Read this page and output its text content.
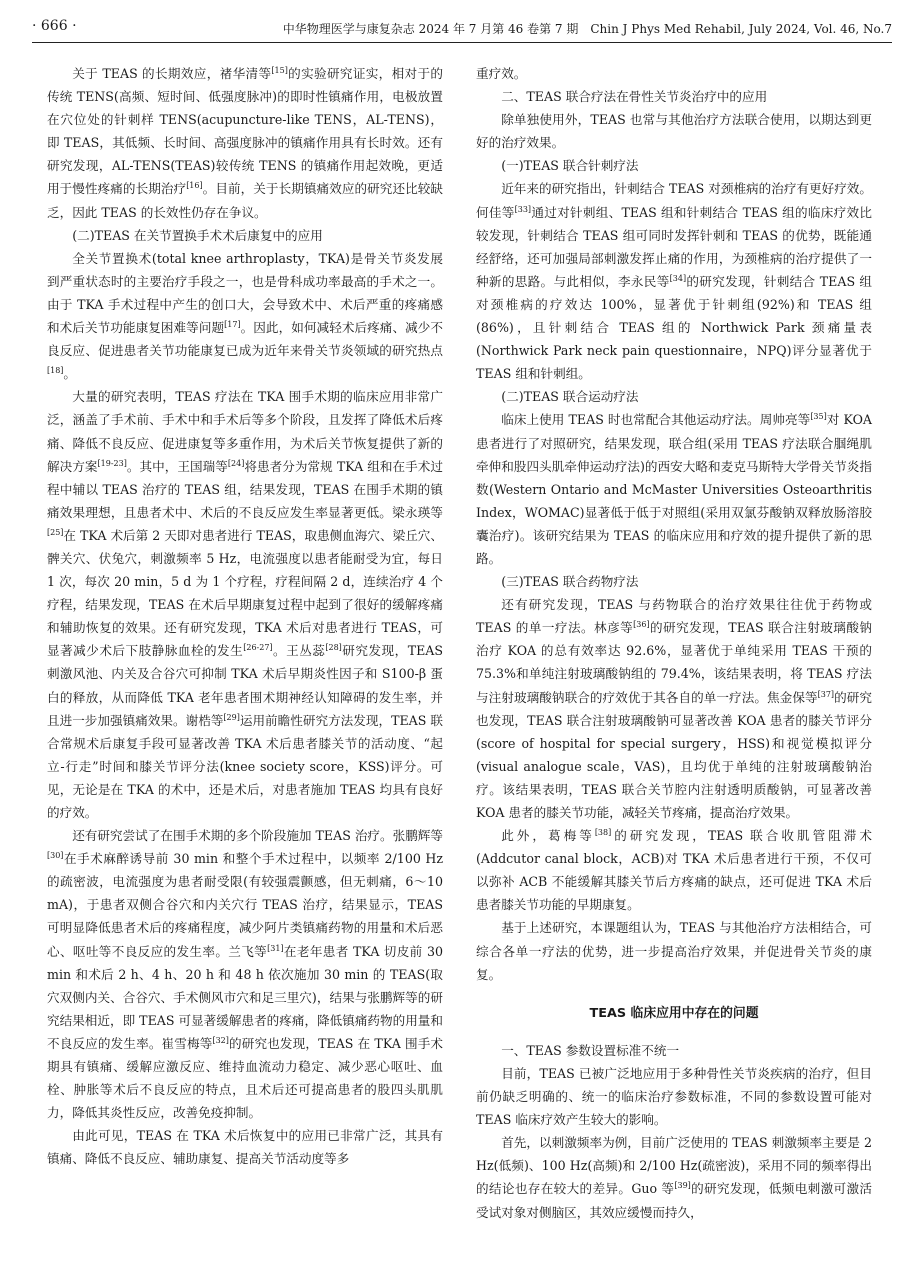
· 666 ·	中华物理医学与康复杂志 2024 年 7 月第 46 卷第 7 期　Chin J Phys Med Rehabil, July 2024, Vol. 46, No.7

关于 TEAS 的长期效应，禇华清等[15]的实验研究证实，相对于的传统 TENS(高频、短时间、低强度脉冲)的即时性镇痛作用，电极放置在穴位处的针刺样 TENS(acupuncture-like TENS，AL-TENS)，即 TEAS，其低频、长时间、高强度脉冲的镇痛作用具有长时效。还有研究发现，AL-TENS(TEAS)较传统 TENS 的镇痛作用起效晚，更适用于慢性疼痛的长期治疗[16]。目前，关于长期镇痛效应的研究还比较缺乏，因此 TEAS 的长效性仍存在争议。

(二)TEAS 在关节置换手术术后康复中的应用

全关节置换术(total knee arthroplasty，TKA)是骨关节炎发展到严重状态时的主要治疗手段之一，也是骨科成功率最高的手术之一。由于 TKA 手术过程中产生的创口大，会导致术中、术后严重的疼痛感和术后关节功能康复困难等问题[17]。因此，如何减轻术后疼痛、减少不良反应、促进患者关节功能康复已成为近年来骨关节炎领域的研究热点[18]。

大量的研究表明，TEAS 疗法在 TKA 围手术期的临床应用非常广泛，涵盖了手术前、手术中和手术后等多个阶段，且发挥了降低术后疼痛、降低不良反应、促进康复等多重作用，为术后关节恢复提供了新的解决方案[19-23]。其中，王国瑞等[24]将患者分为常规 TKA 组和在手术过程中辅以 TEAS 治疗的 TEAS 组，结果发现，TEAS 在围手术期的镇痛效果理想，且患者术中、术后的不良反应发生率显著更低。梁永瑛等[25]在 TKA 术后第 2 天即对患者进行 TEAS，取患侧血海穴、梁丘穴、髀关穴、伏兔穴，刺激频率 5 Hz，电流强度以患者能耐受为宜，每日 1 次，每次 20 min，5 d 为 1 个疗程，疗程间隔 2 d，连续治疗 4 个疗程，结果发现，TEAS 在术后早期康复过程中起到了很好的缓解疼痛和辅助恢复的效果。还有研究发现，TKA 术后对患者进行 TEAS，可显著减少术后下肢静脉血栓的发生[26-27]。王丛蕊[28]研究发现，TEAS 刺激风池、内关及合谷穴可抑制 TKA 术后早期炎性因子和 S100-β 蛋白的释放，从而降低 TKA 老年患者围术期神经认知障碍的发生率，并且进一步加强镇痛效果。谢梏等[29]运用前瞻性研究方法发现，TEAS 联合常规术后康复手段可显著改善 TKA 术后患者膝关节的活动度、“起立-行走”时间和膝关节评分法(knee society score，KSS)评分。可见，无论是在 TKA 的术中，还是术后，对患者施加 TEAS 均具有良好的疗效。

还有研究尝试了在围手术期的多个阶段施加 TEAS 治疗。张鹏辉等[30]在手术麻醉诱导前 30 min 和整个手术过程中，以频率 2/100 Hz 的疏密波，电流强度为患者耐受限(有较强震颤感，但无刺痛，6～10 mA)，于患者双侧合谷穴和内关穴行 TEAS 治疗，结果显示，TEAS 可明显降低患者术后的疼痛程度，减少阿片类镇痛药物的用量和术后恶心、呕吐等不良反应的发生率。兰飞等[31]在老年患者 TKA 切皮前 30 min 和术后 2 h、4 h、20 h 和 48 h 依次施加 30 min 的 TEAS(取穴双侧内关、合谷穴、手术侧风市穴和足三里穴)，结果与张鹏辉等的研究结果相近，即 TEAS 可显著缓解患者的疼痛，降低镇痛药物的用量和不良反应的发生率。崔雪梅等[32]的研究也发现，TEAS 在 TKA 围手术期具有镇痛、缓解应激反应、维持血流动力稳定、减少恶心呕吐、血栓、肿胀等术后不良反应的特点，且术后还可提高患者的股四头肌肌力，降低其炎性反应，改善免疫抑制。

由此可见，TEAS 在 TKA 术后恢复中的应用已非常广泛，其具有镇痛、降低不良反应、辅助康复、提高关节活动度等多

重疗效。

二、TEAS 联合疗法在骨性关节炎治疗中的应用

除单独使用外，TEAS 也常与其他治疗方法联合使用，以期达到更好的治疗效果。

(一)TEAS 联合针刺疗法

近年来的研究指出，针刺结合 TEAS 对颈椎病的治疗有更好疗效。何佳等[33]通过对针刺组、TEAS 组和针刺结合 TEAS 组的临床疗效比较发现，针刺结合 TEAS 组可同时发挥针刺和 TEAS 的优势，既能通经舒络，还可加强局部刺激发挥止痛的作用，为颈椎病的治疗提供了一种新的思路。与此相似，李永民等[34]的研究发现，针刺结合 TEAS 组对颈椎病的疗效达 100%，显著优于针刺组(92%)和 TEAS 组(86%)，且针刺结合 TEAS 组的 Northwick Park 颈痛量表(Northwick Park neck pain questionnaire，NPQ)评分显著优于 TEAS 组和针刺组。

(二)TEAS 联合运动疗法

临床上使用 TEAS 时也常配合其他运动疗法。周帅亮等[35]对 KOA 患者进行了对照研究，结果发现，联合组(采用 TEAS 疗法联合腘绳肌牵伸和股四头肌牵伸运动疗法)的西安大略和麦克马斯特大学骨关节炎指数(Western Ontario and McMaster Universities Osteoarthritis Index，WOMAC)显著低于低于对照组(采用双氯芬酸钠双释放肠溶胶囊治疗)。该研究结果为 TEAS 的临床应用和疗效的提升提供了新的思路。

(三)TEAS 联合药物疗法

还有研究发现，TEAS 与药物联合的治疗效果往往优于药物或 TEAS 的单一疗法。林彦等[36]的研究发现，TEAS 联合注射玻璃酸钠治疗 KOA 的总有效率达 92.6%，显著优于单纯采用 TEAS 干预的 75.3%和单纯注射玻璃酸钠组的 79.4%，该结果表明，将 TEAS 疗法与注射玻璃酸钠联合的疗效优于其各自的单一疗法。焦金保等[37]的研究也发现，TEAS 联合注射玻璃酸钠可显著改善 KOA 患者的膝关节评分(score of hospital for special surgery，HSS)和视觉模拟评分(visual analogue scale，VAS)，且均优于单纯的注射玻璃酸钠治疗。该结果表明，TEAS 联合关节腔内注射透明质酸钠，可显著改善 KOA 患者的膝关节功能，减轻关节疼痛，提高治疗效果。

此外，葛梅等[38]的研究发现，TEAS 联合收肌管阻滞术(Addcutor canal block，ACB)对 TKA 术后患者进行干预，不仅可以弥补 ACB 不能缓解其膝关节后方疼痛的缺点，还可促进 TKA 术后患者膝关节功能的早期康复。

基于上述研究，本课题组认为，TEAS 与其他治疗方法相结合，可综合各单一疗法的优势，进一步提高治疗效果，并促进骨关节炎的康复。

TEAS 临床应用中存在的问题

一、TEAS 参数设置标准不统一

目前，TEAS 已被广泛地应用于多种骨性关节炎疾病的治疗，但目前仍缺乏明确的、统一的临床治疗参数标准，不同的参数设置可能对 TEAS 临床疗效产生较大的影响。

首先，以刺激频率为例，目前广泛使用的 TEAS 刺激频率主要是 2 Hz(低频)、100 Hz(高频)和 2/100 Hz(疏密波)，采用不同的频率得出的结论也存在较大的差异。Guo 等[39]的研究发现，低频电刺激可激活受试对象对侧脑区，其效应缓慢而持久，
